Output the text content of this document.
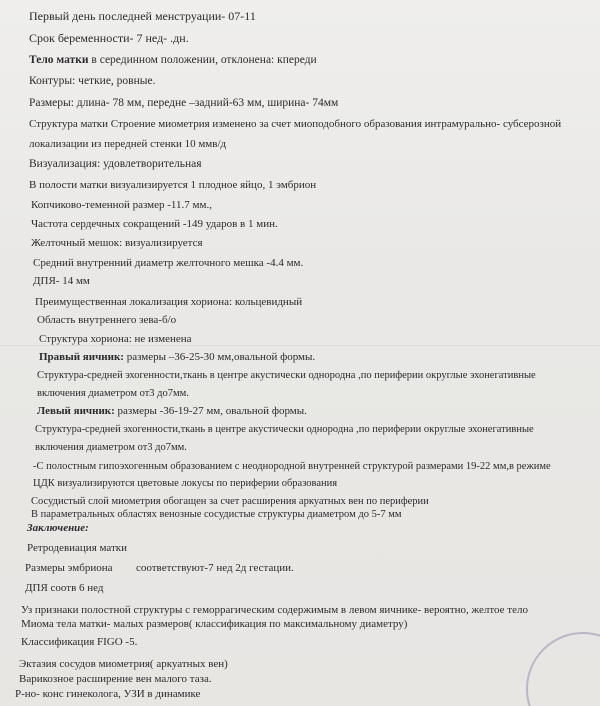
Первый день последней менструации- 07-11
Срок беременности- 7 нед- .дн.
Тело матки в серединном положении, отклонена: кпереди
Контуры: четкие, ровные.
Размеры: длина- 78 мм, передне –задний-63 мм, ширина- 74мм
Структура матки Строение миометрия изменено за счет миоподобного образования интрамурально- субсерозной
локализации из передней стенки 10 ммв/д
Визуализация: удовлетворительная
В полости матки визуализируется 1 плодное яйцо, 1 эмбрион
Копчиково-теменной размер -11.7 мм.,
Частота сердечных сокращений -149 ударов в 1 мин.
Желточный мешок: визуализируется
Средний внутренний диаметр желточного мешка -4.4 мм.
ДПЯ- 14 мм
Преимущественная локализация хориона: кольцевидный
Область внутреннего зева-б/о
Структура хориона: не изменена
Правый яичник: размеры –36-25-30 мм,овальной формы.
Структура-средней эхогенности,ткань в центре акустически однородна ,по периферии округлые эхонегативные
включения диаметром от3 до7мм.
Левый яичник: размеры -36-19-27 мм, овальной формы.
Структура-средней эхогенности,ткань в центре акустически однородна ,по периферии округлые эхонегативные
включения диаметром от3 до7мм.
-С полостным гипоэхогенным образованием с неоднородной внутренней структурой размерами 19-22 мм,в режиме
ЦДК визуализируются цветовые локусы по периферии образования
Сосудистый слой миометрия обогащен за счет расширения аркуатных вен по периферии
В параметральных областях венозные сосудистые структуры диаметром до 5-7 мм
Заключение:
Ретродевиация матки
Размеры эмбриона соответствуют-7 нед 2д гестации.
ДПЯ соотв 6 нед
Уз признаки полостной структуры с геморрагическим содержимым в левом яичнике- вероятно, желтое тело
Миома тела матки- малых размеров( классификация по максимальному диаметру)
Классификация FIGO -5.
Эктазия сосудов миометрия( аркуатных вен)
Варикозное расширение вен малого таза.
Р-но- конс гинеколога, УЗИ в динамике
